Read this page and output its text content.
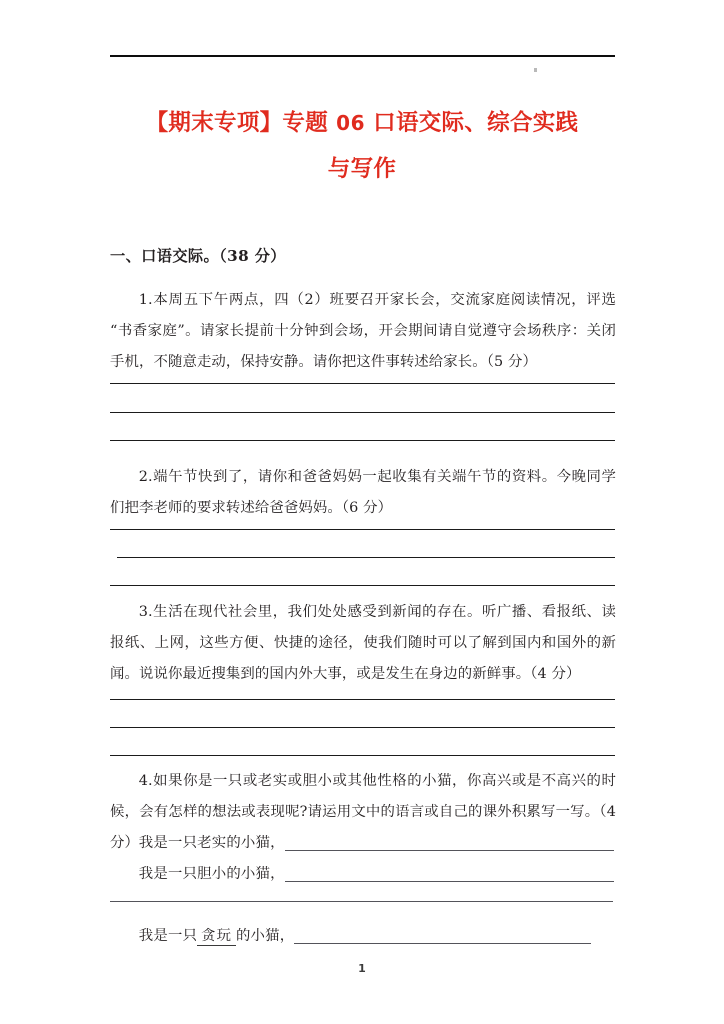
【期末专项】专题 06 口语交际、综合实践
与写作
一、口语交际。（38 分）
1.本周五下午两点，四（2）班要召开家长会，交流家庭阅读情况，评选“书香家庭”。请家长提前十分钟到会场，开会期间请自觉遵守会场秩序：关闭手机，不随意走动，保持安静。请你把这件事转述给家长。（5 分）
2.端午节快到了，请你和爸爸妈妈一起收集有关端午节的资料。今晚同学们把李老师的要求转述给爸爸妈妈。（6 分）
3.生活在现代社会里，我们处处感受到新闻的存在。听广播、看报纸、读报纸、上网，这些方便、快捷的途径，使我们随时可以了解到国内和国外的新闻。说说你最近搜集到的国内外大事，或是发生在身边的新鲜事。（4 分）
4.如果你是一只或老实或胆小或其他性格的小猫，你高兴或是不高兴的时候，会有怎样的想法或表现呢?请运用文中的语言或自己的课外积累写一写。（4 分） 我是一只老实的小猫，
我是一只胆小的小猫，
我是一只 贪玩 的小猫，
1
